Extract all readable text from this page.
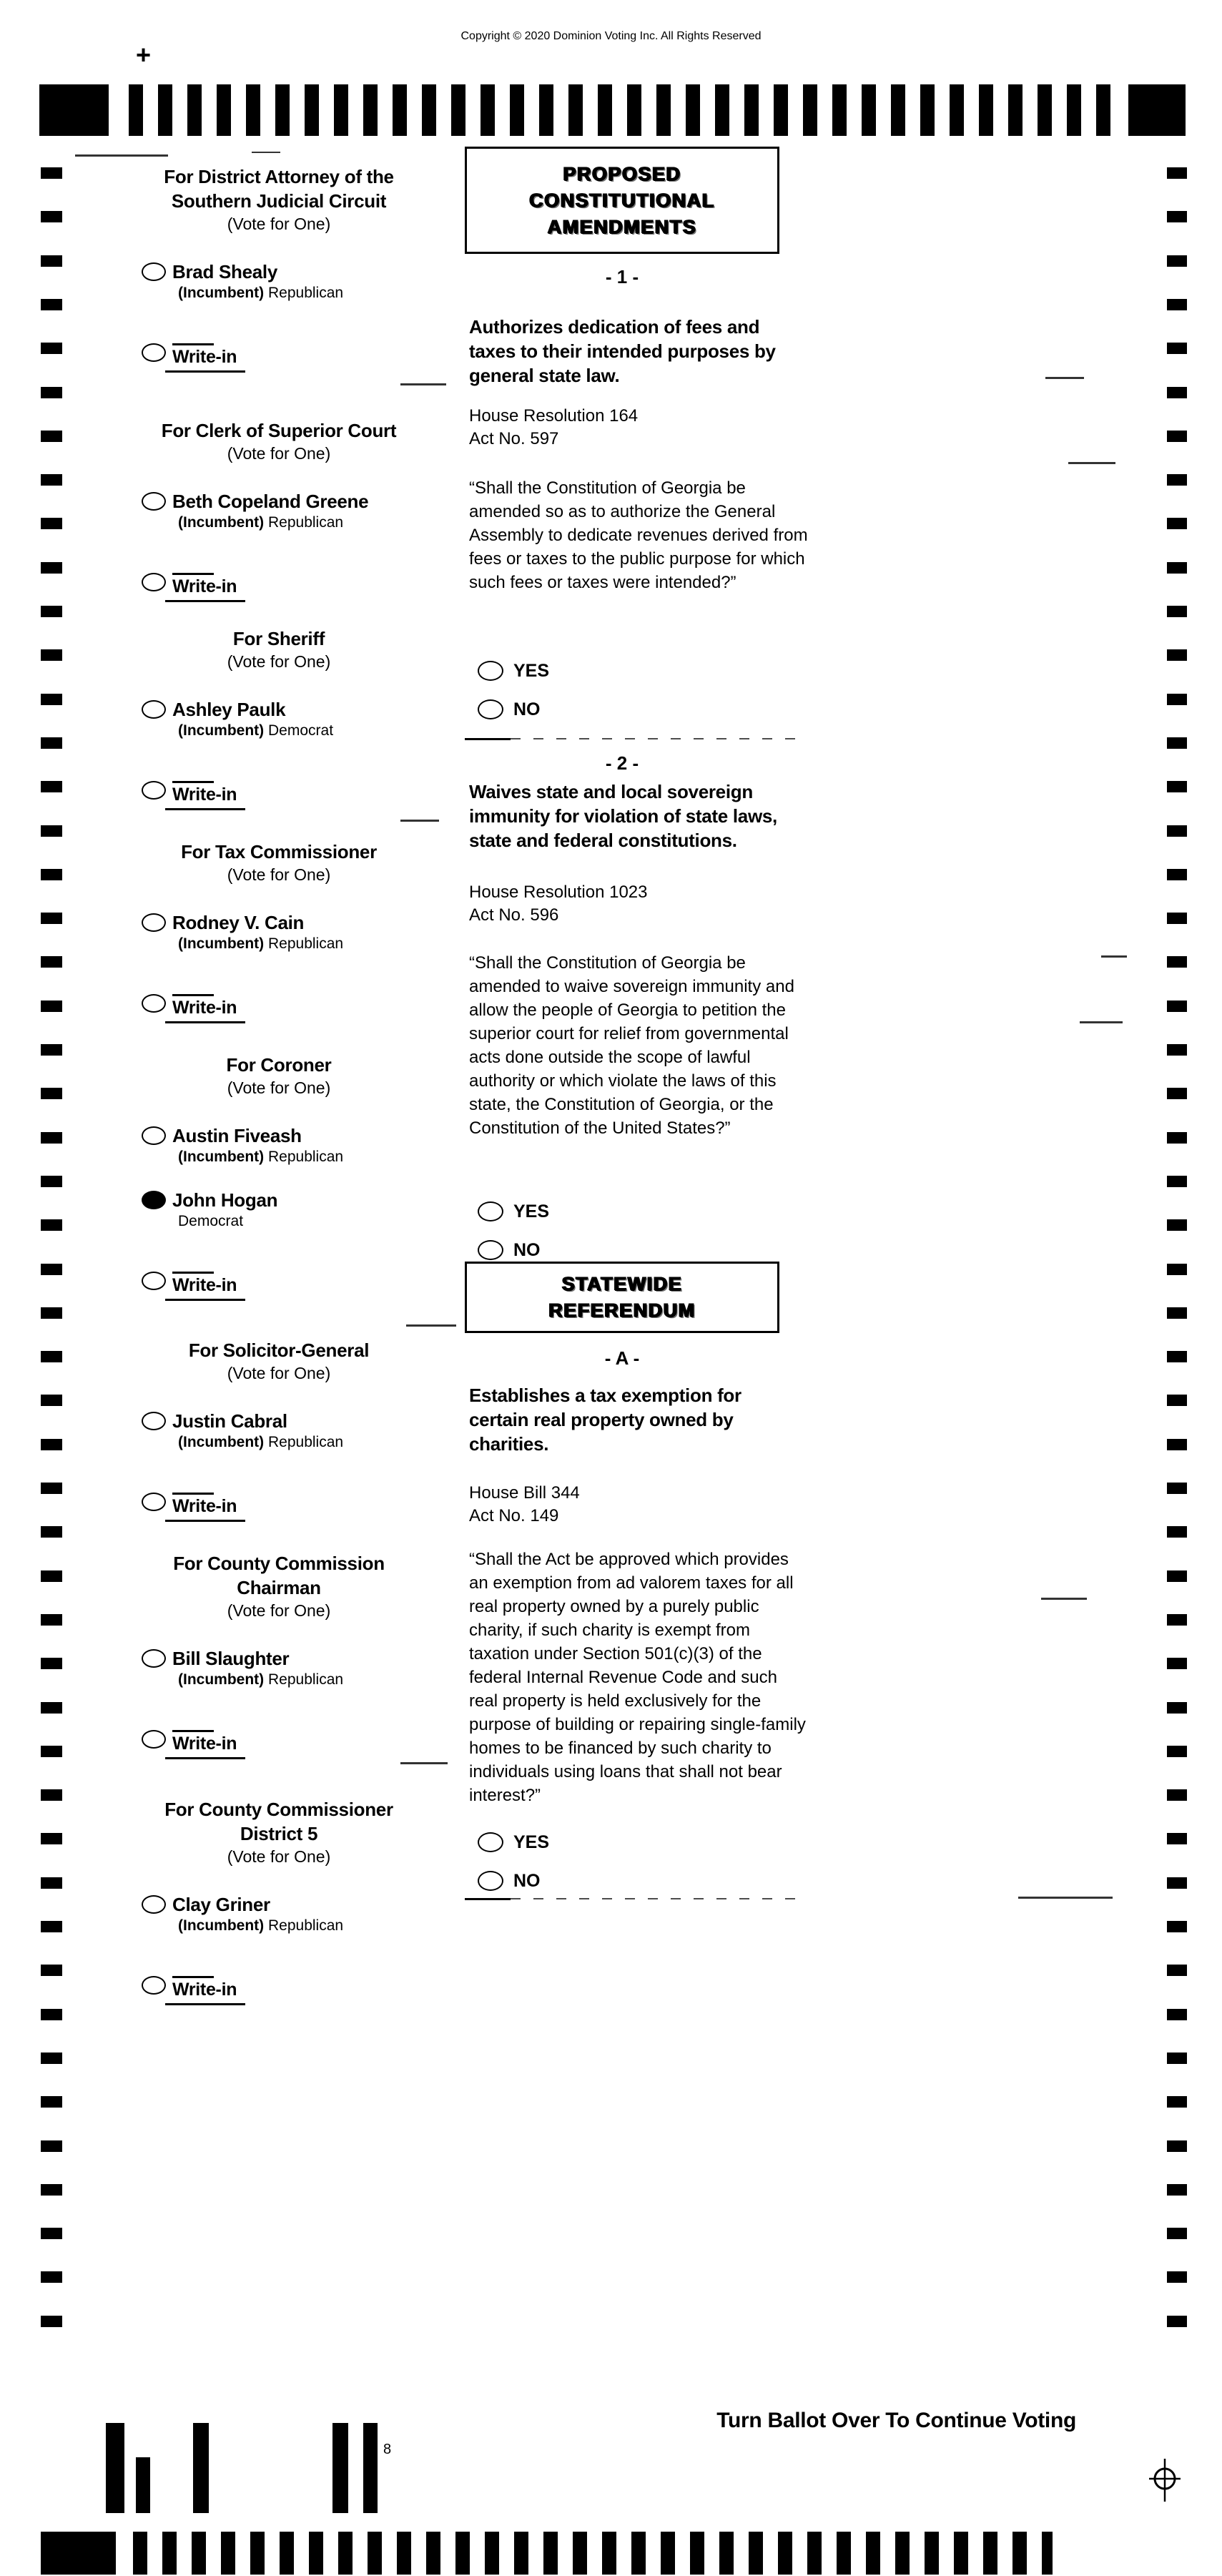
Copyright © 2020 Dominion Voting Inc. All Rights Reserved
+
For District Attorney of the
Southern Judicial Circuit
(Vote for One)
Brad Shealy
(Incumbent) Republican
Write-in
For Clerk of Superior Court
(Vote for One)
Beth Copeland Greene
(Incumbent) Republican
Write-in
For Sheriff
(Vote for One)
Ashley Paulk
(Incumbent) Democrat
Write-in
For Tax Commissioner
(Vote for One)
Rodney V. Cain
(Incumbent) Republican
Write-in
For Coroner
(Vote for One)
Austin Fiveash
(Incumbent) Republican
John Hogan
Democrat
Write-in
For Solicitor-General
(Vote for One)
Justin Cabral
(Incumbent) Republican
Write-in
For County Commission
Chairman
(Vote for One)
Bill Slaughter
(Incumbent) Republican
Write-in
For County Commissioner
District 5
(Vote for One)
Clay Griner
(Incumbent) Republican
Write-in
PROPOSED
CONSTITUTIONAL
AMENDMENTS
- 1 -
Authorizes dedication of fees and taxes to their intended purposes by general state law.
House Resolution 164
Act No. 597
“Shall the Constitution of Georgia be amended so as to authorize the General Assembly to dedicate revenues derived from fees or taxes to the public purpose for which such fees or taxes were intended?”
YES
NO
- 2 -
Waives state and local sovereign immunity for violation of state laws, state and federal constitutions.
House Resolution 1023
Act No. 596
“Shall the Constitution of Georgia be amended to waive sovereign immunity and allow the people of Georgia to petition the superior court for relief from governmental acts done outside the scope of lawful authority or which violate the laws of this state, the Constitution of Georgia, or the Constitution of the United States?”
YES
NO
STATEWIDE
REFERENDUM
- A -
Establishes a tax exemption for certain real property owned by charities.
House Bill 344
Act No. 149
“Shall the Act be approved which provides an exemption from ad valorem taxes for all real property owned by a purely public charity, if such charity is exempt from taxation under Section 501(c)(3) of the federal Internal Revenue Code and such real property is held exclusively for the purpose of building or repairing single-family homes to be financed by such charity to individuals using loans that shall not bear interest?”
YES
NO
Turn Ballot Over To Continue Voting
8
